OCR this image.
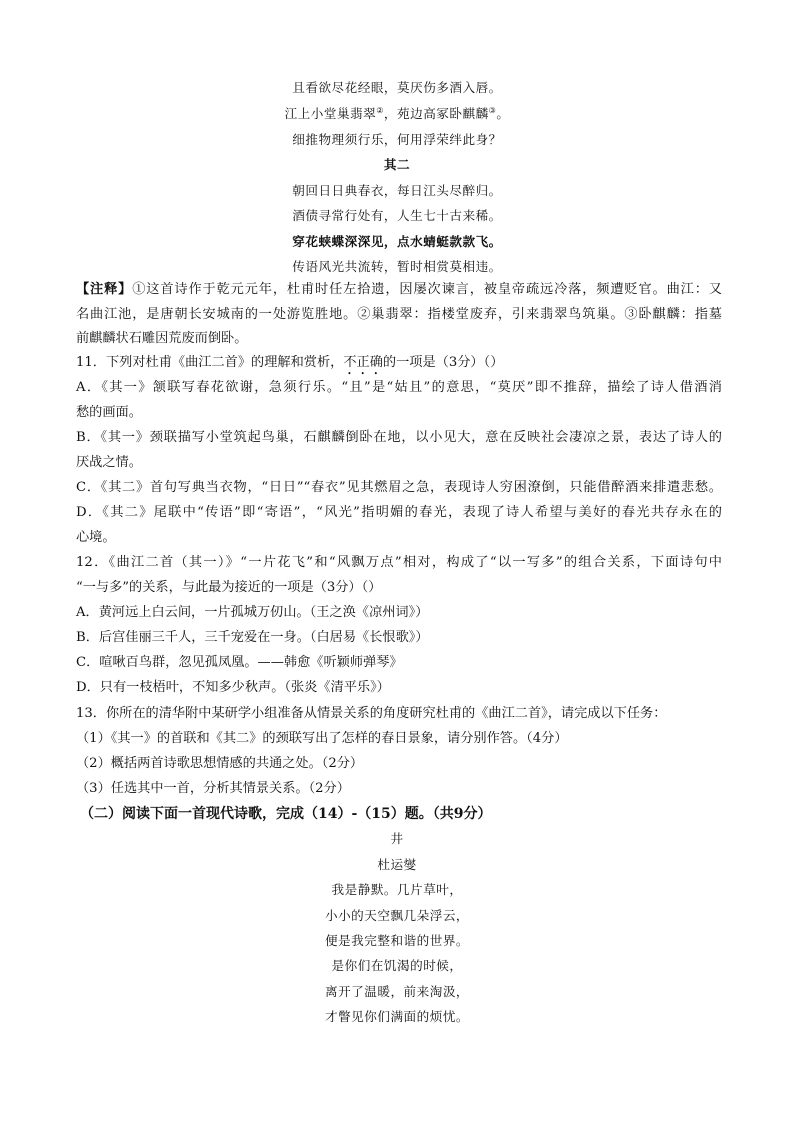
且看欲尽花经眼，莫厌伤多酒入唇。
江上小堂巢翡翠②，苑边高冢卧麒麟③。
细推物理须行乐，何用浮荣绊此身？
其二
朝回日日典春衣，每日江头尽醉归。
酒债寻常行处有，人生七十古来稀。
穿花蛱蝶深深见，点水蜻蜓款款飞。
传语风光共流转，暂时相赏莫相违。
【注释】①这首诗作于乾元元年，杜甫时任左拾遗，因屡次谏言，被皇帝疏远冷落，频遭贬官。曲江：又
名曲江池，是唐朝长安城南的一处游览胜地。②巢翡翠：指楼堂废弃，引来翡翠鸟筑巢。③卧麒麟：指墓
前麒麟状石雕因荒废而倒卧。
11．下列对杜甫《曲江二首》的理解和赏析，不正确的一项是（3分）（）
A．《其一》颔联写春花欲谢，急须行乐。“且”是“姑且”的意思，“莫厌”即不推辞，描绘了诗人借酒消
愁的画面。
B．《其一》颈联描写小堂筑起鸟巢，石麒麟倒卧在地，以小见大，意在反映社会凄凉之景，表达了诗人的
厌战之情。
C．《其二》首句写典当衣物，“日日”“春衣”见其燃眉之急，表现诗人穷困潦倒，只能借醉酒来排遣悲愁。
D．《其二》尾联中“传语”即“寄语”，“风光”指明媚的春光，表现了诗人希望与美好的春光共存永在的
心境。
12．《曲江二首（其一）》“一片花飞”和“风飘万点”相对，构成了“以一写多”的组合关系，下面诗句中
“一与多”的关系，与此最为接近的一项是（3分）（）
A．黄河远上白云间，一片孤城万仞山。（王之涣《凉州词》）
B．后宫佳丽三千人，三千宠爱在一身。（白居易《长恨歌》）
C．喧啾百鸟群，忽见孤凤凰。——韩愈《听颖师弹琴》
D．只有一枝梧叶，不知多少秋声。（张炎《清平乐》）
13．你所在的清华附中某研学小组准备从情景关系的角度研究杜甫的《曲江二首》，请完成以下任务：
（1）《其一》的首联和《其二》的颈联写出了怎样的春日景象，请分别作答。（4分）
（2）概括两首诗歌思想情感的共通之处。（2分）
（3）任选其中一首，分析其情景关系。（2分）
（二）阅读下面一首现代诗歌，完成（14）-（15）题。（共9分）
井
杜运燮
我是静默。几片草叶，
小小的天空飘几朵浮云，
便是我完整和谐的世界。
是你们在饥渴的时候，
离开了温暖，前来淘汲，
才瞥见你们满面的烦忧。
